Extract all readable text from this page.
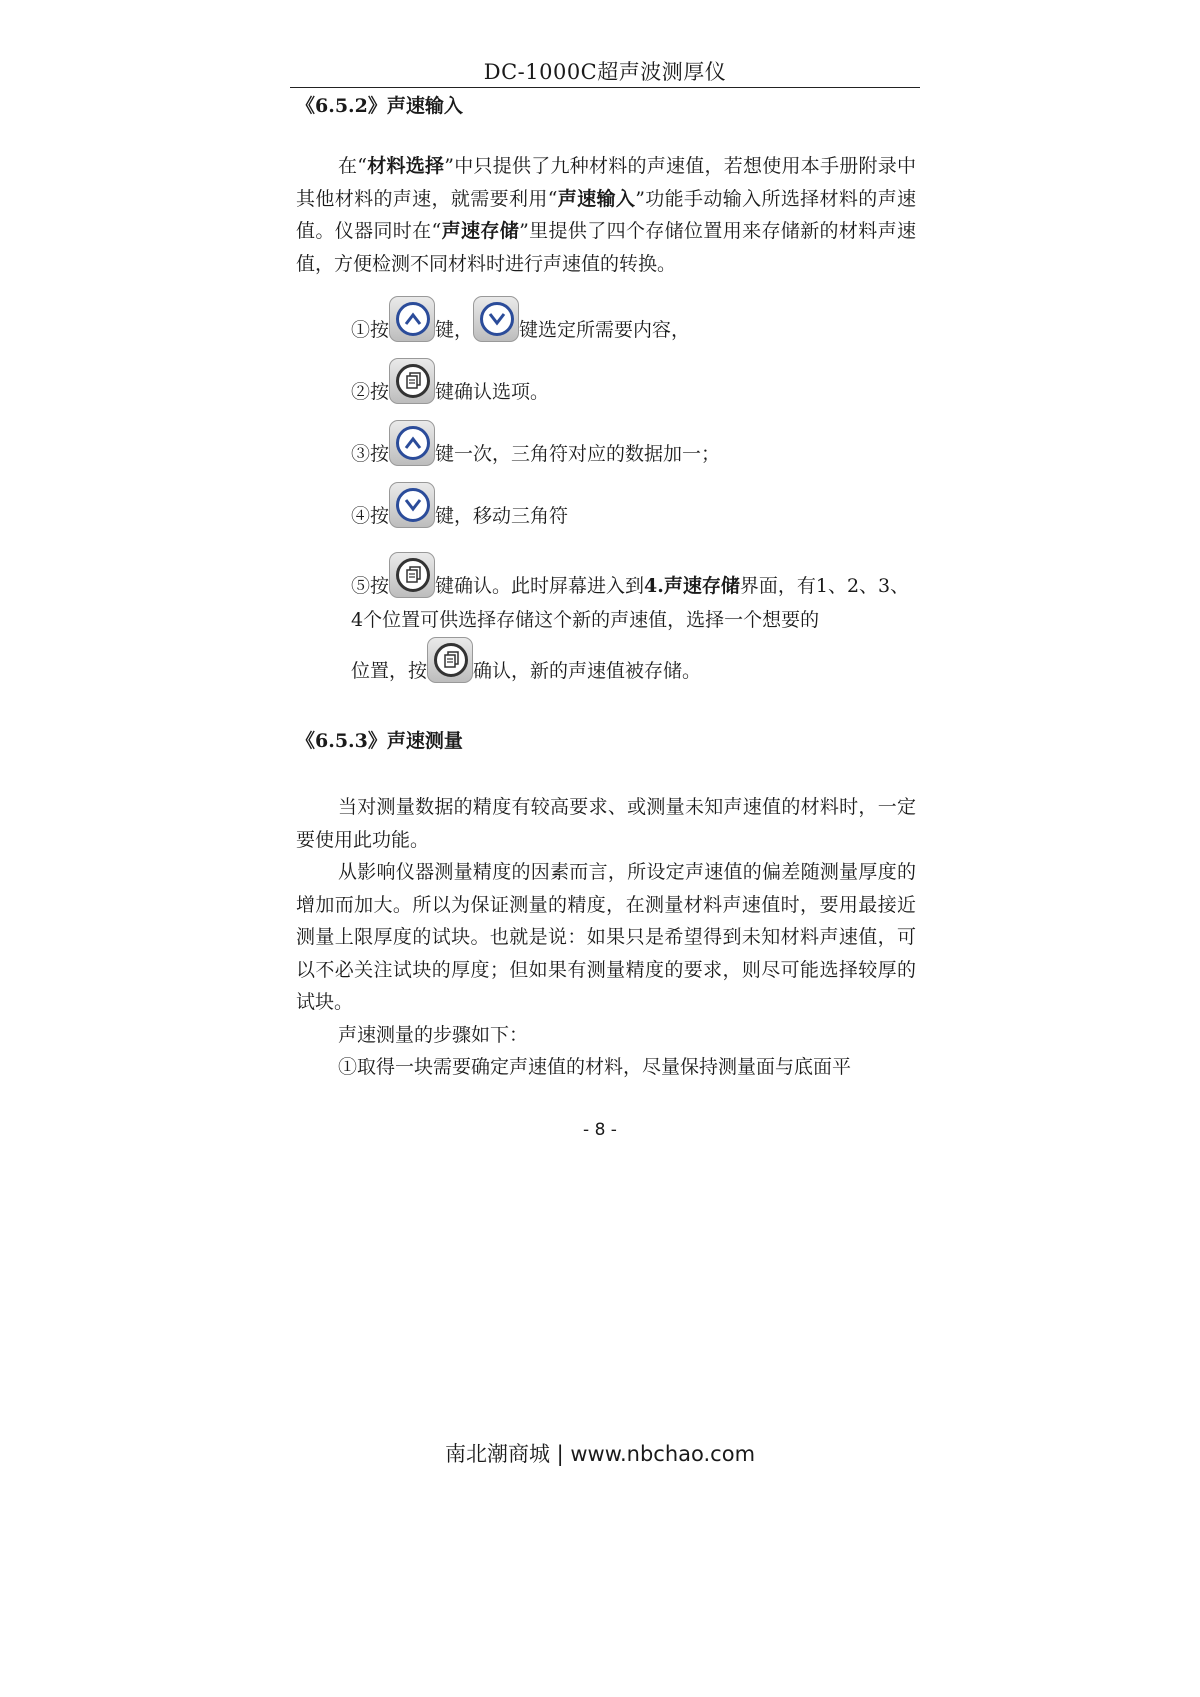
DC-1000C超声波测厚仪
《6.5.2》声速输入

在“材料选择”中只提供了九种材料的声速值，若想使用本手册附录中其他材料的声速，就需要利用“声速输入”功能手动输入所选择材料的声速值。仪器同时在“声速存储”里提供了四个存储位置用来存储新的材料声速值，方便检测不同材料时进行声速值的转换。

①按 键， 键选定所需要内容，

②按 键确认选项。

③按 键一次，三角符对应的数据加一；

④按 键，移动三角符

⑤按 键确认。此时屏幕进入到4.声速存储界面，有1、2、3、4个位置可供选择存储这个新的声速值，选择一个想要的

位置，按 确认，新的声速值被存储。

《6.5.3》声速测量

当对测量数据的精度有较高要求、或测量未知声速值的材料时，一定要使用此功能。

从影响仪器测量精度的因素而言，所设定声速值的偏差随测量厚度的增加而加大。所以为保证测量的精度，在测量材料声速值时，要用最接近测量上限厚度的试块。也就是说：如果只是希望得到未知材料声速值，可以不必关注试块的厚度；但如果有测量精度的要求，则尽可能选择较厚的试块。

声速测量的步骤如下：

①取得一块需要确定声速值的材料，尽量保持测量面与底面平

- 8 -
南北潮商城 | www.nbchao.com
